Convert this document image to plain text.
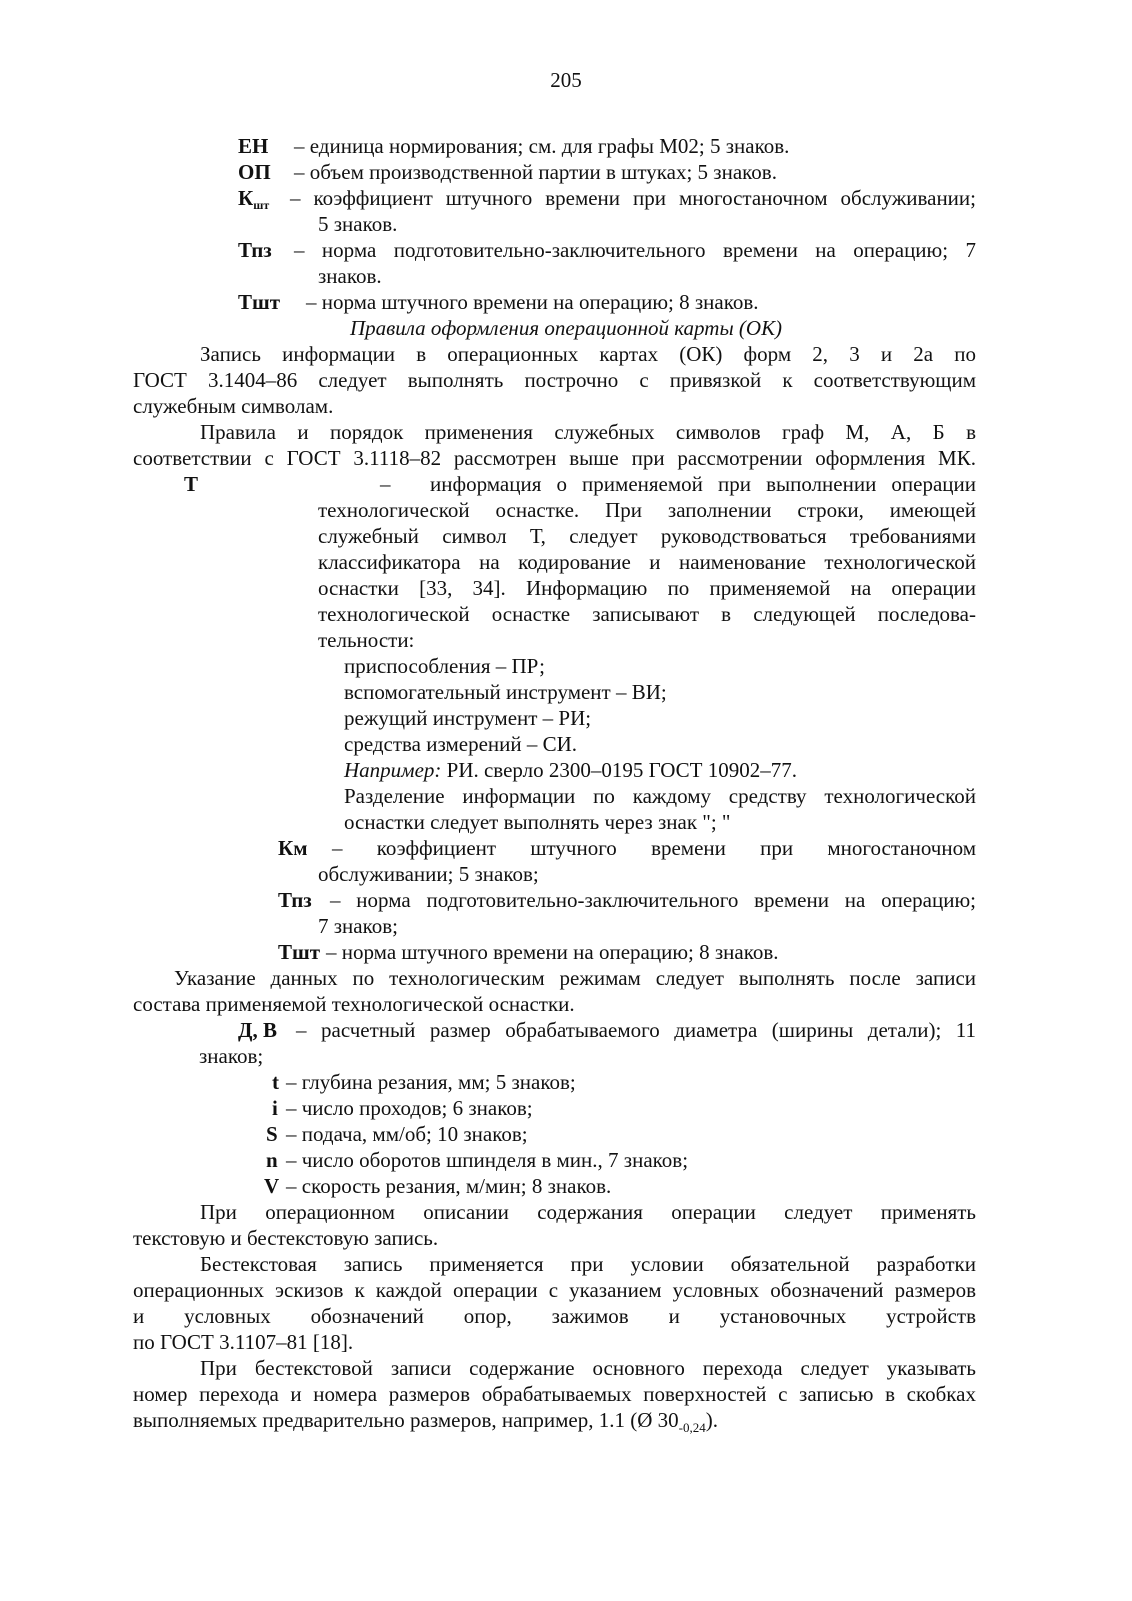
205
ЕН – единица нормирования; см. для графы М02; 5 знаков.
ОП – объем производственной партии в штуках; 5 знаков.
$К_{шт}$ – коэффициент штучного времени при многостаночном обслуживании;
5 знаков.
Тпз – норма подготовительно-заключительного времени на операцию; 7
знаков.
Тшт – норма штучного времени на операцию; 8 знаков.
Правила оформления операционной карты (ОК)
Запись информации в операционных картах (ОК) форм 2, 3 и 2а по
ГОСТ 3.1404–86 следует выполнять построчно с привязкой к соответствующим
служебным символам.
Правила и порядок применения служебных символов граф М, А, Б в
соответствии с ГОСТ 3.1118–82 рассмотрен выше при рассмотрении оформления МК.
Т	– информация о применяемой при выполнении операции
технологической оснастке. При заполнении строки, имеющей
служебный символ Т, следует руководствоваться требованиями
классификатора на кодирование и наименование технологической
оснастки [33, 34]. Информацию по применяемой на операции
технологической оснастке записывают в следующей последова-
тельности:
приспособления – ПР;
вспомогательный инструмент – ВИ;
режущий инструмент – РИ;
средства измерений – СИ.
Например: РИ. сверло 2300–0195 ГОСТ 10902–77.
Разделение информации по каждому средству технологической
оснастки следует выполнять через знак "; "
Км – коэффициент штучного времени при многостаночном
обслуживании; 5 знаков;
Тпз – норма подготовительно-заключительного времени на операцию;
7 знаков;
Тшт – норма штучного времени на операцию; 8 знаков.
Указание данных по технологическим режимам следует выполнять после записи
состава применяемой технологической оснастки.
Д, В – расчетный размер обрабатываемого диаметра (ширины детали); 11
знаков;
t – глубина резания, мм; 5 знаков;
i – число проходов; 6 знаков;
S – подача, мм/об; 10 знаков;
n – число оборотов шпинделя в мин., 7 знаков;
V – скорость резания, м/мин; 8 знаков.
При операционном описании содержания операции следует применять
текстовую и бестекстовую запись.
Бестекстовая запись применяется при условии обязательной разработки
операционных эскизов к каждой операции с указанием условных обозначений размеров
и условных обозначений опор, зажимов и установочных устройств
по ГОСТ 3.1107–81 [18].
При бестекстовой записи содержание основного перехода следует указывать
номер перехода и номера размеров обрабатываемых поверхностей с записью в скобках
выполняемых предварительно размеров, например, 1.1 (Ø $30_{-0,24}$).
